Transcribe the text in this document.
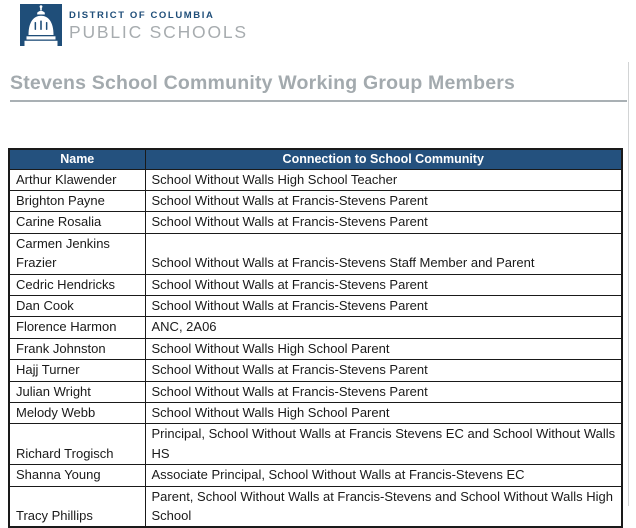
DISTRICT OF COLUMBIA
PUBLIC SCHOOLS
Stevens School Community Working Group Members
Name	Connection to School Community
Arthur Klawender	School Without Walls High School Teacher
Brighton Payne	School Without Walls at Francis-Stevens Parent
Carine Rosalia	School Without Walls at Francis-Stevens Parent
Carmen Jenkins Frazier	School Without Walls at Francis-Stevens Staff Member and Parent
Cedric Hendricks	School Without Walls at Francis-Stevens Parent
Dan Cook	School Without Walls at Francis-Stevens Parent
Florence Harmon	ANC, 2A06
Frank Johnston	School Without Walls High School Parent
Hajj Turner	School Without Walls at Francis-Stevens Parent
Julian Wright	School Without Walls at Francis-Stevens Parent
Melody Webb	School Without Walls High School Parent
Richard Trogisch	Principal, School Without Walls at Francis Stevens EC and School Without Walls HS
Shanna Young	Associate Principal, School Without Walls at Francis-Stevens EC
Tracy Phillips	Parent, School Without Walls at Francis-Stevens and School Without Walls High School
